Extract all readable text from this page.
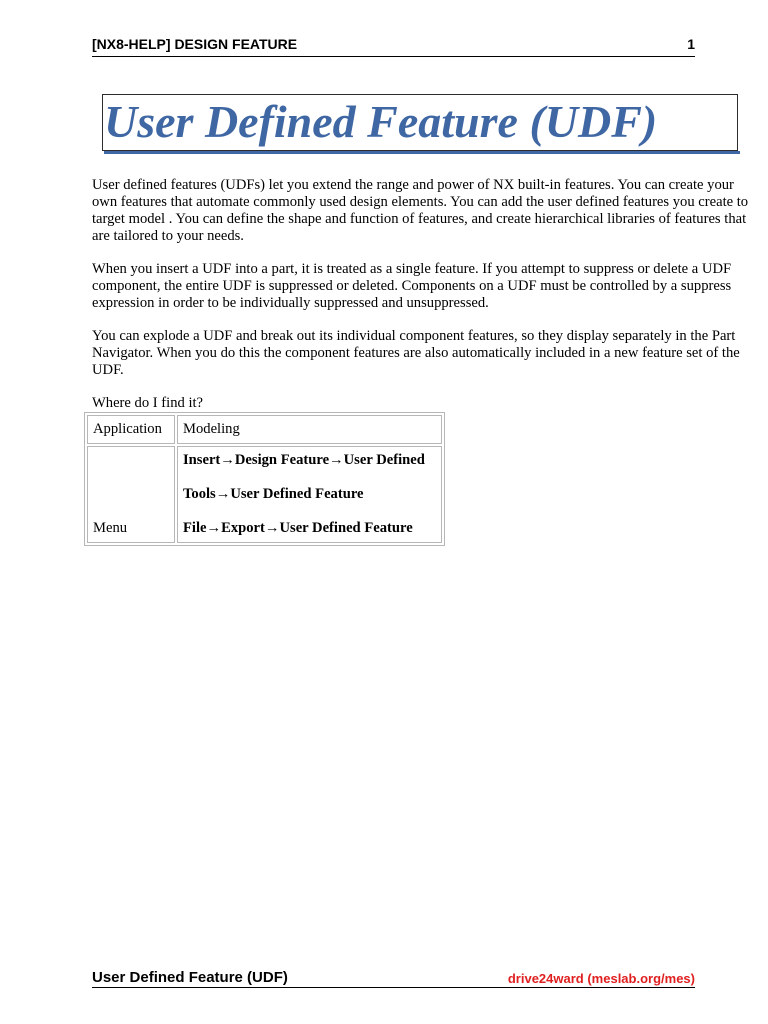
[NX8-HELP] DESIGN FEATURE	1
User Defined Feature (UDF)

User defined features (UDFs) let you extend the range and power of NX built-in features. You can create your own features that automate commonly used design elements. You can add the user defined features you create to target model . You can define the shape and function of features, and create hierarchical libraries of features that are tailored to your needs.

When you insert a UDF into a part, it is treated as a single feature. If you attempt to suppress or delete a UDF component, the entire UDF is suppressed or deleted. Components on a UDF must be controlled by a suppress expression in order to be individually suppressed and unsuppressed.

You can explode a UDF and break out its individual component features, so they display separately in the Part Navigator. When you do this the component features are also automatically included in a new feature set of the UDF.

Where do I find it?

Application	Modeling
Menu	Insert→Design Feature→User Defined

Tools→User Defined Feature

File→Export→User Defined Feature

User Defined Feature (UDF)	drive24ward (meslab.org/mes)
